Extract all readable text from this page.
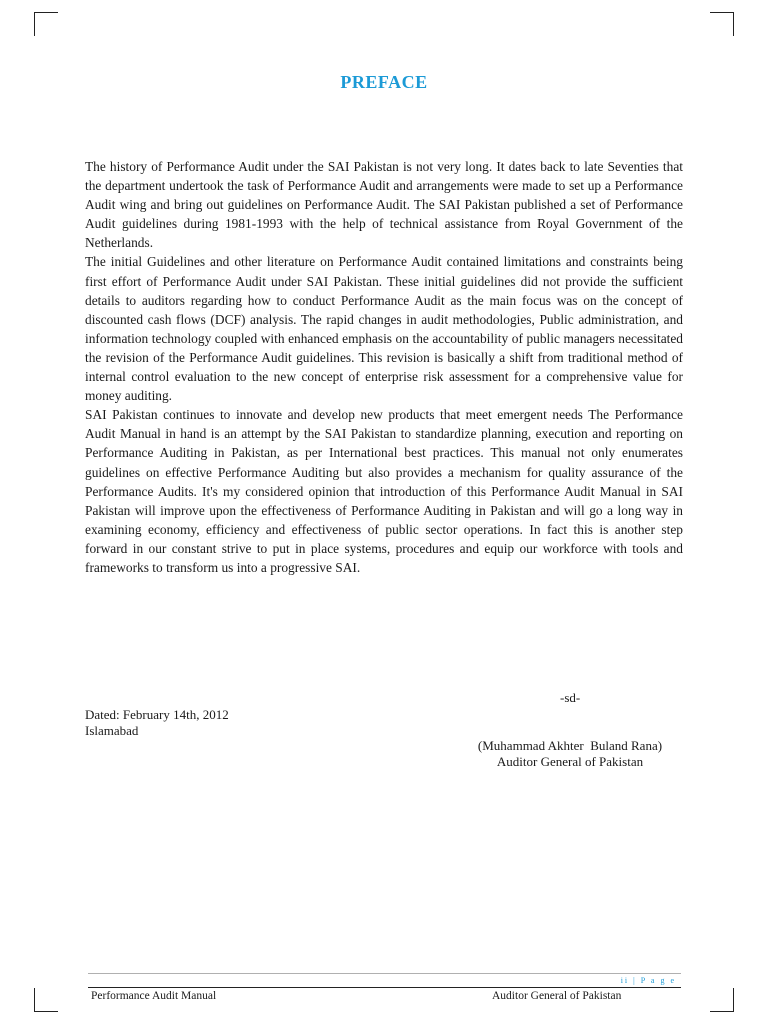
PREFACE

The history of Performance Audit under the SAI Pakistan is not very long. It dates back to late Seventies that the department undertook the task of Performance Audit and arrangements were made to set up a Performance Audit wing and bring out guidelines on Performance Audit. The SAI Pakistan published a set of Performance Audit guidelines during 1981-1993 with the help of technical assistance from Royal Government of the Netherlands.

The initial Guidelines and other literature on Performance Audit contained limitations and constraints being first effort of Performance Audit under SAI Pakistan. These initial guidelines did not provide the sufficient details to auditors regarding how to conduct Performance Audit as the main focus was on the concept of discounted cash flows (DCF) analysis. The rapid changes in audit methodologies, Public administration, and information technology coupled with enhanced emphasis on the accountability of public managers necessitated the revision of the Performance Audit guidelines. This revision is basically a shift from traditional method of internal control evaluation to the new concept of enterprise risk assessment for a comprehensive value for money auditing.

SAI Pakistan continues to innovate and develop new products that meet emergent needs The Performance Audit Manual in hand is an attempt by the SAI Pakistan to standardize planning, execution and reporting on Performance Auditing in Pakistan, as per International best practices. This manual not only enumerates guidelines on effective Performance Auditing but also provides a mechanism for quality assurance of the Performance Audits. It's my considered opinion that introduction of this Performance Audit Manual in SAI Pakistan will improve upon the effectiveness of Performance Auditing in Pakistan and will go a long way in examining economy, efficiency and effectiveness of public sector operations. In fact this is another step forward in our constant strive to put in place systems, procedures and equip our workforce with tools and frameworks to transform us into a progressive SAI.

-sd-
Dated: February 14th, 2012
Islamabad
(Muhammad Akhter  Buland Rana)
Auditor General of Pakistan
ii | P a g e
Performance Audit Manual	Auditor General of Pakistan
